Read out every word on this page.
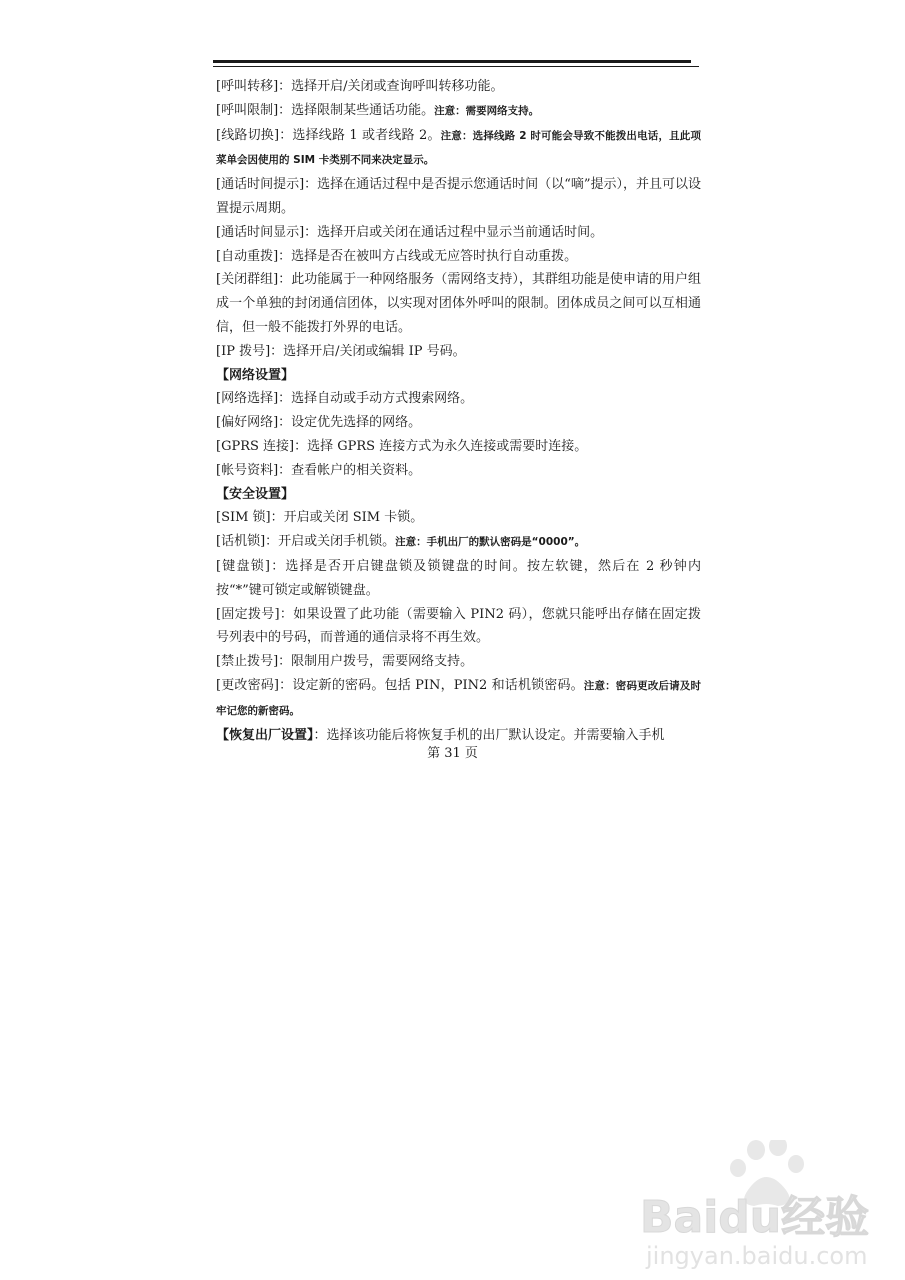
[呼叫转移]：选择开启/关闭或查询呼叫转移功能。

[呼叫限制]：选择限制某些通话功能。注意：需要网络支持。

[线路切换]：选择线路 1 或者线路 2。注意：选择线路 2 时可能会导致不能拨出电话，且此项菜单会因使用的 SIM 卡类别不同来决定显示。

[通话时间提示]：选择在通话过程中是否提示您通话时间（以“嘀”提示），并且可以设置提示周期。

[通话时间显示]：选择开启或关闭在通话过程中显示当前通话时间。

[自动重拨]：选择是否在被叫方占线或无应答时执行自动重拨。

[关闭群组]：此功能属于一种网络服务（需网络支持），其群组功能是使申请的用户组成一个单独的封闭通信团体，以实现对团体外呼叫的限制。团体成员之间可以互相通信，但一般不能拨打外界的电话。

[IP 拨号]：选择开启/关闭或编辑 IP 号码。

【网络设置】

[网络选择]：选择自动或手动方式搜索网络。

[偏好网络]：设定优先选择的网络。

[GPRS 连接]：选择 GPRS 连接方式为永久连接或需要时连接。

[帐号资料]：查看帐户的相关资料。

【安全设置】

[SIM 锁]：开启或关闭 SIM 卡锁。

[话机锁]：开启或关闭手机锁。注意：手机出厂的默认密码是“0000”。

[键盘锁]：选择是否开启键盘锁及锁键盘的时间。按左软键，然后在 2 秒钟内按“*”键可锁定或解锁键盘。

[固定拨号]：如果设置了此功能（需要输入 PIN2 码），您就只能呼出存储在固定拨号列表中的号码，而普通的通信录将不再生效。

[禁止拨号]：限制用户拨号，需要网络支持。

[更改密码]：设定新的密码。包括 PIN，PIN2 和话机锁密码。注意：密码更改后请及时牢记您的新密码。

【恢复出厂设置】：选择该功能后将恢复手机的出厂默认设定。并需要输入手机

第 31 页
Baidu经验
jingyan.baidu.com
